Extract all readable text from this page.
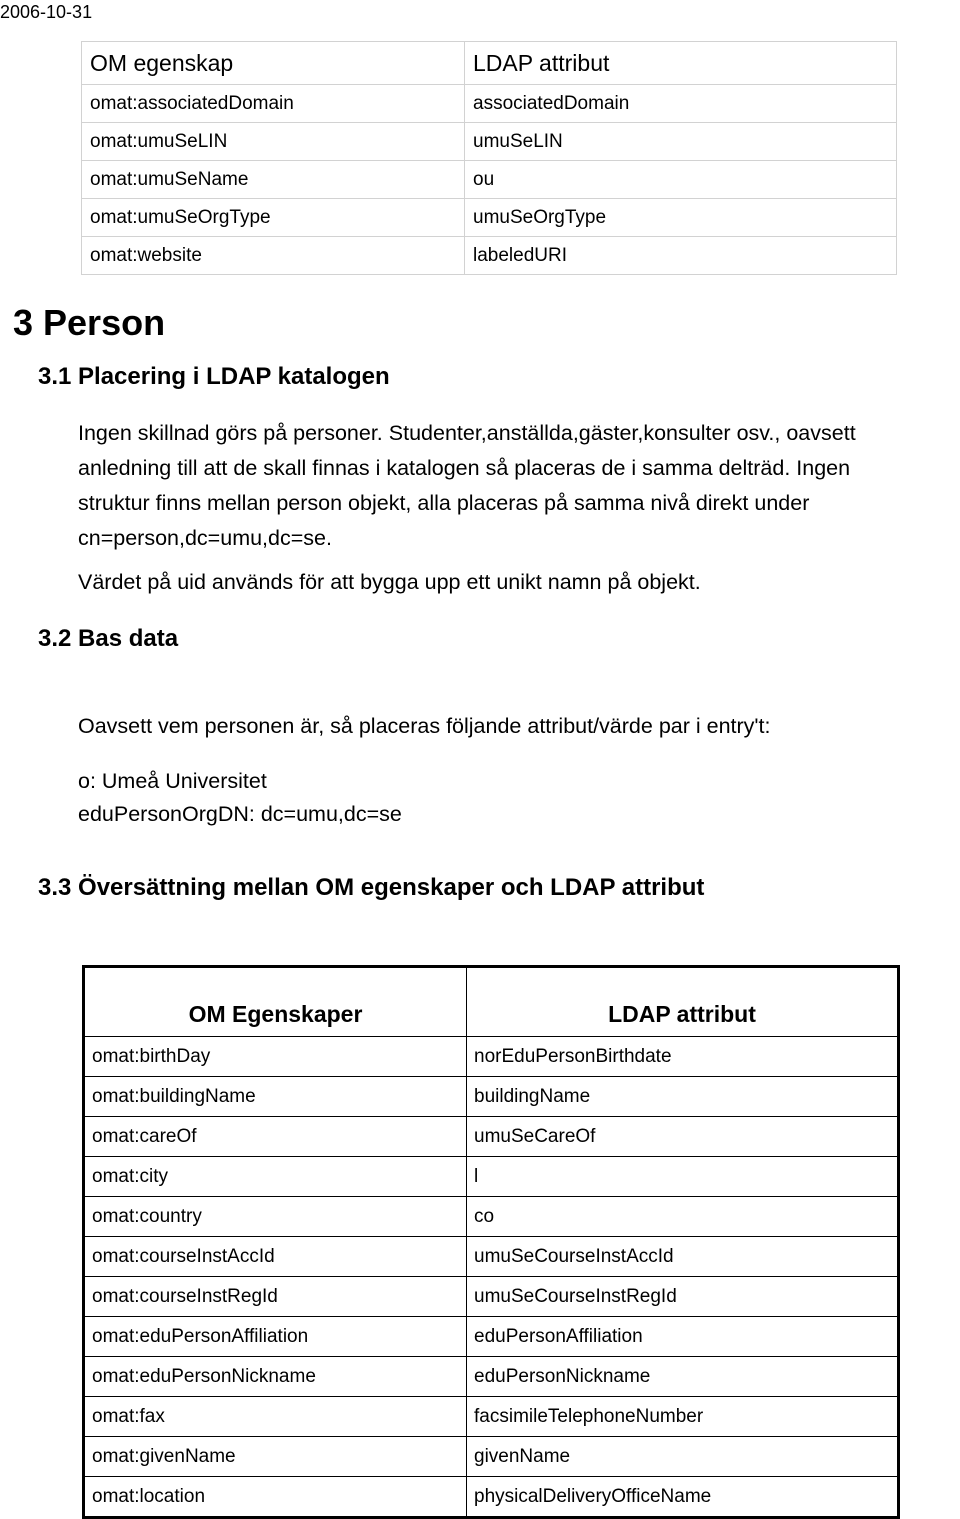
2006-10-31
OM egenskap	LDAP attribut
omat:associatedDomain	associatedDomain
omat:umuSeLIN	umuSeLIN
omat:umuSeName	ou
omat:umuSeOrgType	umuSeOrgType
omat:website	labeledURI
3 Person
3.1 Placering i LDAP katalogen
Ingen skillnad görs på personer. Studenter,anställda,gäster,konsulter osv., oavsett
anledning till att de skall finnas i katalogen så placeras de i samma delträd. Ingen
struktur finns mellan person objekt, alla placeras på samma nivå direkt under
cn=person,dc=umu,dc=se.
Värdet på uid används för att bygga upp ett unikt namn på objekt.
3.2 Bas data
Oavsett vem personen är, så placeras följande attribut/värde par i entry't:
o: Umeå Universitet
eduPersonOrgDN: dc=umu,dc=se
3.3 Översättning mellan OM egenskaper och LDAP attribut
OM Egenskaper	LDAP attribut
omat:birthDay	norEduPersonBirthdate
omat:buildingName	buildingName
omat:careOf	umuSeCareOf
omat:city	l
omat:country	co
omat:courseInstAccId	umuSeCourseInstAccId
omat:courseInstRegId	umuSeCourseInstRegId
omat:eduPersonAffiliation	eduPersonAffiliation
omat:eduPersonNickname	eduPersonNickname
omat:fax	facsimileTelephoneNumber
omat:givenName	givenName
omat:location	physicalDeliveryOfficeName
